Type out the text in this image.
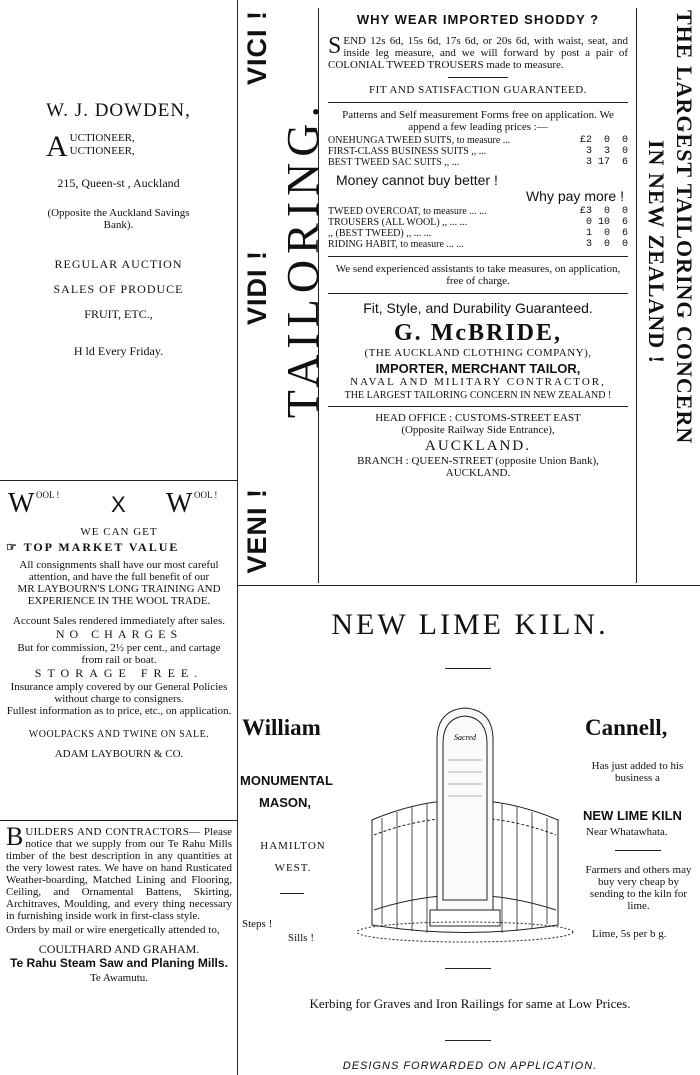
W. J. DOWDEN,
A UCTIONEER,
UCTIONEER,
215, Queen-st , Auckland
(Opposite the Auckland Savings Bank).
REGULAR AUCTION
SALES OF PRODUCE
FRUIT, ETC.,
H ld Every Friday.
W OOL ! X W OOL !
WE CAN GET
☞ TOP MARKET VALUE
All consignments shall have our most careful attention, and have the full benefit of our
MR LAYBOURN'S LONG TRAINING AND EXPERIENCE IN THE WOOL TRADE.
Account Sales rendered immediately after sales.
NO CHARGES
But for commission, 2½ per cent., and cartage from rail or boat.
STORAGE FREE.
Insurance amply covered by our General Policies without charge to consigners.
Fullest information as to price, etc., on application.
WOOLPACKS AND TWINE ON SALE.
ADAM LAYBOURN & CO.
B UILDERS AND CONTRACTORS— Please notice that we supply from our Te Rahu Mills timber of the best description in any quantities at the very lowest rates. We have on hand Rusticated Weather-boarding, Matched Lining and Flooring, Ceiling, and Ornamental Battens, Skirting, Architraves, Moulding, and every thing necessary in furnishing inside work in first-class style.
Orders by mail or wire energetically attended to,
COULTHARD AND GRAHAM.
Te Rahu Steam Saw and Planing Mills.
Te Awamutu.
VENI !
VIDI !
VICI !
TAILORING.	THE LARGEST TAILORING CONCERN
IN NEW ZEALAND !
WHY WEAR IMPORTED SHODDY ?
S END 12s 6d, 15s 6d, 17s 6d, or 20s 6d, with waist, seat, and inside leg measure, and we will forward by post a pair of COLONIAL TWEED TROUSERS made to measure.
FIT AND SATISFACTION GUARANTEED.
Patterns and Self measurement Forms free on application. We append a few leading prices :—
ONEHUNGA TWEED SUITS, to measure ...	£2  0  0
FIRST-CLASS BUSINESS SUITS ,, ...	3  3  0
BEST TWEED SAC SUITS ,, ...	3 17  6
Money cannot buy better !
Why pay more !
TWEED OVERCOAT, to measure ... ...	£3  0  0
TROUSERS (ALL WOOL) ,, ... ...	0 10  6
,, (BEST TWEED) ,, ... ...	1  0  6
RIDING HABIT, to measure ... ...	3  0  0
We send experienced assistants to take measures, on application, free of charge.
Fit, Style, and Durability Guaranteed.
G. McBRIDE,
(THE AUCKLAND CLOTHING COMPANY),
IMPORTER, MERCHANT TAILOR,
NAVAL AND MILITARY CONTRACTOR,
THE LARGEST TAILORING CONCERN IN NEW ZEALAND !
HEAD OFFICE : CUSTOMS-STREET EAST
(Opposite Railway Side Entrance),
AUCKLAND.
BRANCH : QUEEN-STREET (opposite Union Bank), AUCKLAND.
NEW LIME KILN.
William	Cannell,
MONUMENTAL
MASON,
HAMILTON
WEST.
Steps !
Sills !
Sacred
Has just added to his business a
NEW LIME KILN
Near Whatawhata.
Farmers and others may buy very cheap by sending to the kiln for lime.
Lime, 5s per b g.
Kerbing for Graves and Iron Railings for same at Low Prices.
DESIGNS FORWARDED ON APPLICATION.
